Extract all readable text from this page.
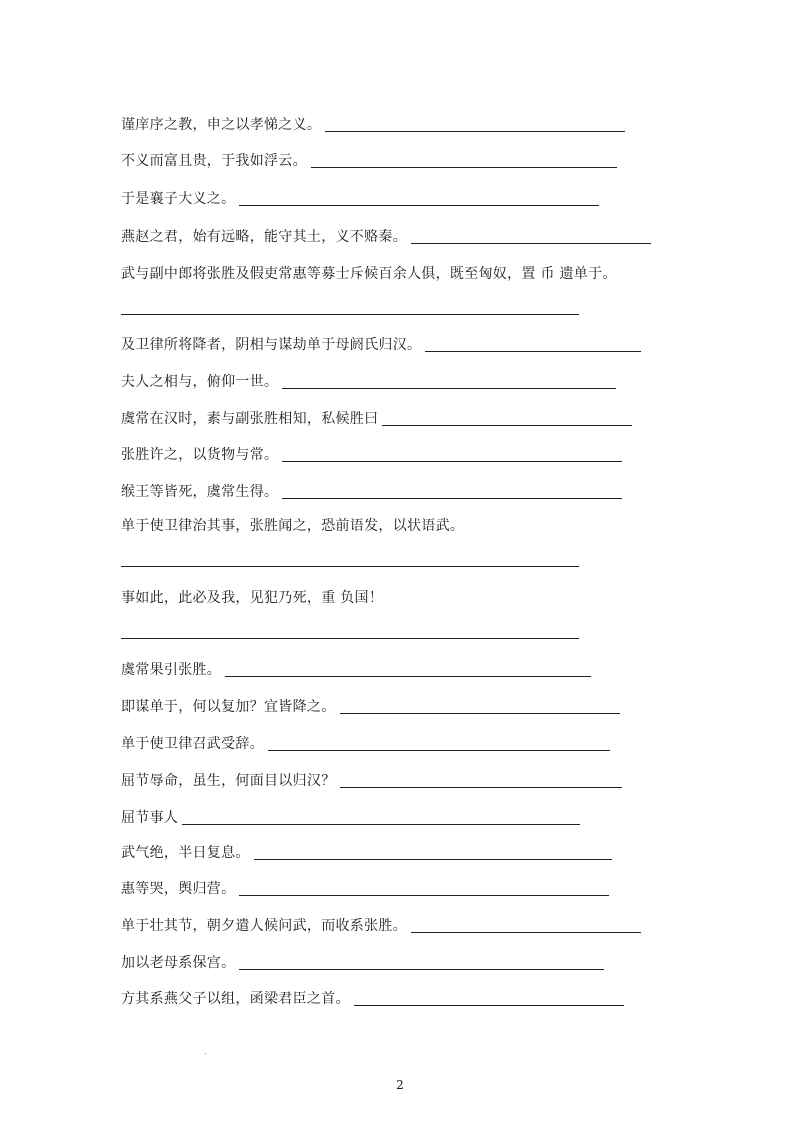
谨庠序之教，申之以孝悌之义。
不义而富且贵，于我如浮云。
于是襄子大义之。
燕赵之君，始有远略，能守其土，义不赂秦。
武与副中郎将张胜及假吏常惠等募士斥候百余人俱，既至匈奴，置 币 遗单于。
及卫律所将降者，阴相与谋劫单于母阏氏归汉。
夫人之相与，俯仰一世。
虞常在汉时，素与副张胜相知，私候胜曰
张胜许之，以货物与常。
缑王等皆死，虞常生得。
单于使卫律治其事，张胜闻之，恐前语发，以状语武。
事如此，此必及我，见犯乃死，重 负国！
虞常果引张胜。
即谋单于，何以复加？宜皆降之。
单于使卫律召武受辞。
屈节辱命，虽生，何面目以归汉？
屈节事人
武气绝，半日复息。
惠等哭，舆归营。
单于壮其节，朝夕遣人候问武，而收系张胜。
加以老母系保宫。
方其系燕父子以组，函梁君臣之首。
2
